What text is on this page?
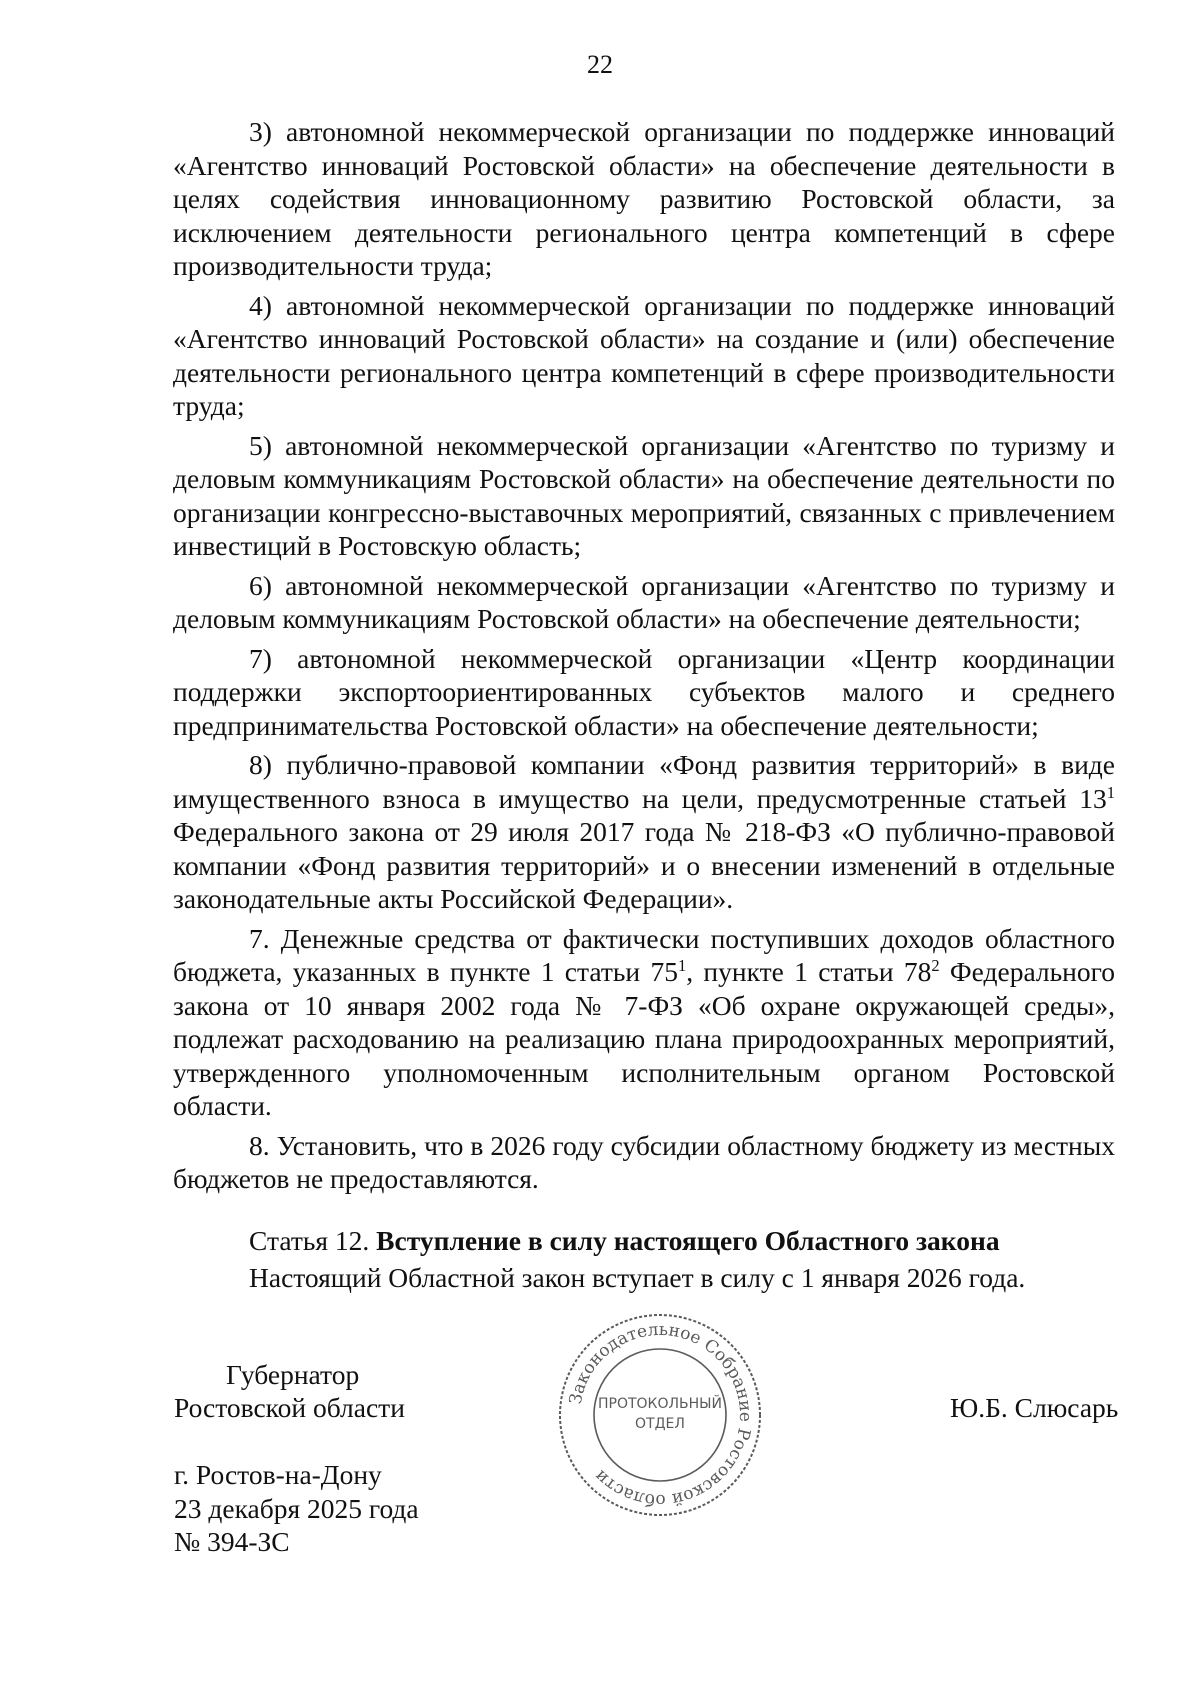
22

3) автономной некоммерческой организации по поддержке инноваций «Агентство инноваций Ростовской области» на обеспечение деятельности в целях содействия инновационному развитию Ростовской области, за исключением деятельности регионального центра компетенций в сфере производительности труда;

4) автономной некоммерческой организации по поддержке инноваций «Агентство инноваций Ростовской области» на создание и (или) обеспечение деятельности регионального центра компетенций в сфере производительности труда;

5) автономной некоммерческой организации «Агентство по туризму и деловым коммуникациям Ростовской области» на обеспечение деятельности по организации конгрессно-выставочных мероприятий, связанных с привлечением инвестиций в Ростовскую область;

6) автономной некоммерческой организации «Агентство по туризму и деловым коммуникациям Ростовской области» на обеспечение деятельности;

7) автономной некоммерческой организации «Центр координации поддержки экспортоориентированных субъектов малого и среднего предпринимательства Ростовской области» на обеспечение деятельности;

8) публично-правовой компании «Фонд развития территорий» в виде имущественного взноса в имущество на цели, предусмотренные статьей $13^1$ Федерального закона от 29 июля 2017 года № 218-ФЗ «О публично-правовой компании «Фонд развития территорий» и о внесении изменений в отдельные законодательные акты Российской Федерации».

7. Денежные средства от фактически поступивших доходов областного бюджета, указанных в пункте 1 статьи $75^1$, пункте 1 статьи $78^2$ Федерального закона от 10 января 2002 года № 7-ФЗ «Об охране окружающей среды», подлежат расходованию на реализацию плана природоохранных мероприятий, утвержденного уполномоченным исполнительным органом Ростовской области.

8. Установить, что в 2026 году субсидии областному бюджету из местных бюджетов не предоставляются.

Статья 12. Вступление в силу настоящего Областного закона
Настоящий Областной закон вступает в силу с 1 января 2026 года.
Губернатор
Ростовской области	Ю.Б. Слюсарь
г. Ростов-на-Дону
23 декабря 2025 года
№ 394-ЗС
Законодательное Собрание Ростовской области
ПРОТОКОЛЬНЫЙ
ОТДЕЛ
